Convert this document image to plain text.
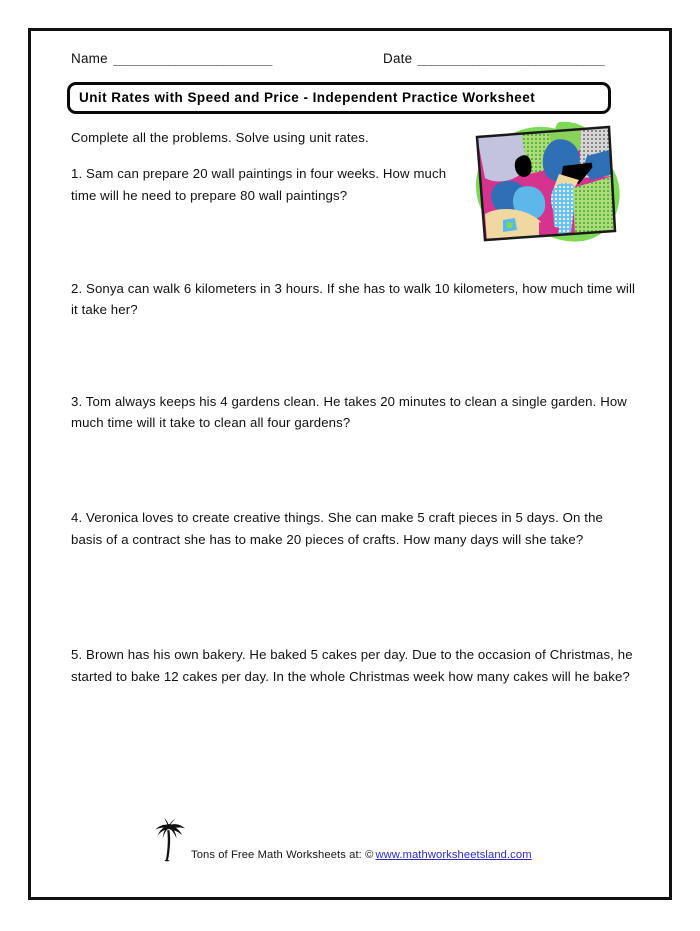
Name _______________________	Date ___________________________
Unit Rates with Speed and Price - Independent Practice Worksheet
Complete all the problems. Solve using unit rates.
1. Sam can prepare 20 wall paintings in four weeks. How much time will he need to prepare 80 wall paintings?
2. Sonya can walk 6 kilometers in 3 hours. If she has to walk 10 kilometers, how much time will it take her?
3. Tom always keeps his 4 gardens clean. He takes 20 minutes to clean a single garden. How much time will it take to clean all four gardens?
4. Veronica loves to create creative things. She can make 5 craft pieces in 5 days. On the basis of a contract she has to make 20 pieces of crafts. How many days will she take?
5. Brown has his own bakery. He baked 5 cakes per day. Due to the occasion of Christmas, he started to bake 12 cakes per day. In the whole Christmas week how many cakes will he bake?
Tons of Free Math Worksheets at: © www.mathworksheetsland.com
